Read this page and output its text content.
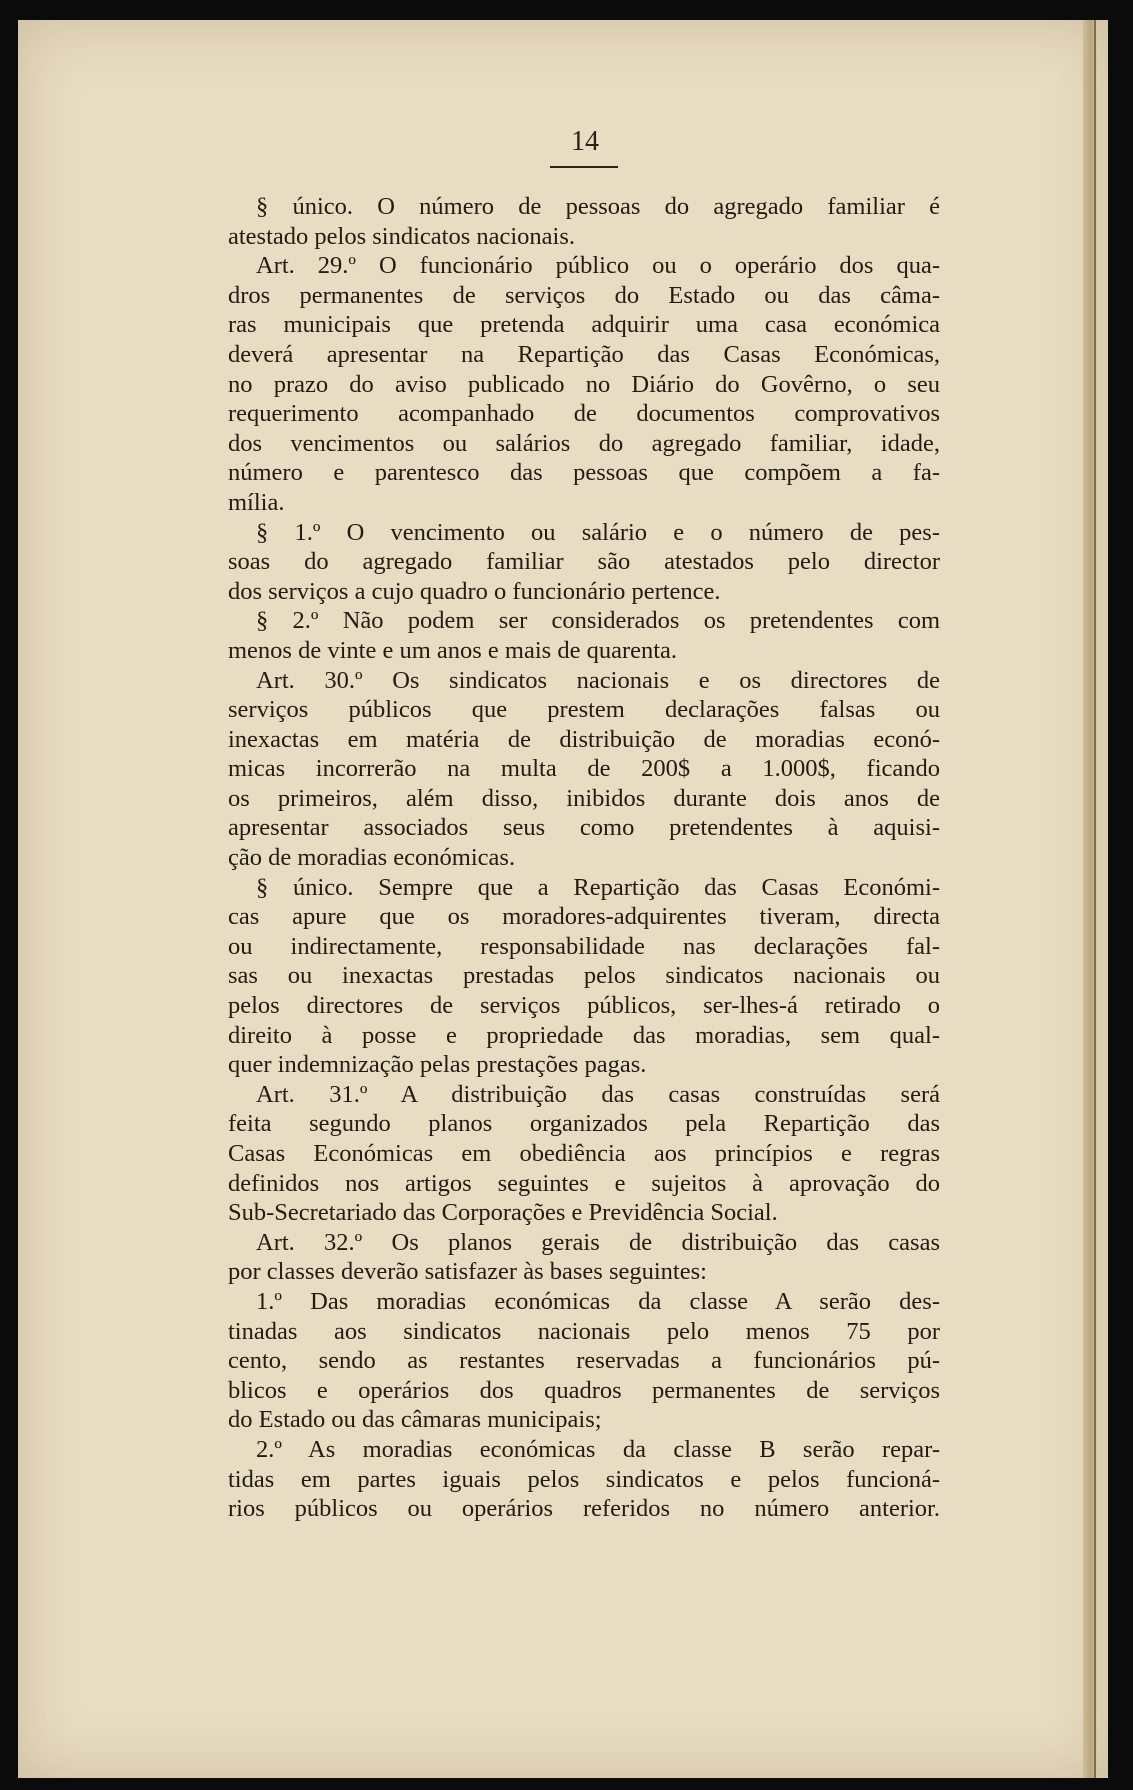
14
§ único. O número de pessoas do agregado familiar é
atestado pelos sindicatos nacionais.
Art. 29.º O funcionário público ou o operário dos qua-
dros permanentes de serviços do Estado ou das câma-
ras municipais que pretenda adquirir uma casa económica
deverá apresentar na Repartição das Casas Económicas,
no prazo do aviso publicado no Diário do Govêrno, o seu
requerimento acompanhado de documentos comprovativos
dos vencimentos ou salários do agregado familiar, idade,
número e parentesco das pessoas que compõem a fa-
mília.
§ 1.º O vencimento ou salário e o número de pes-
soas do agregado familiar são atestados pelo director
dos serviços a cujo quadro o funcionário pertence.
§ 2.º Não podem ser considerados os pretendentes com
menos de vinte e um anos e mais de quarenta.
Art. 30.º Os sindicatos nacionais e os directores de
serviços públicos que prestem declarações falsas ou
inexactas em matéria de distribuição de moradias econó-
micas incorrerão na multa de 200$ a 1.000$, ficando
os primeiros, além disso, inibidos durante dois anos de
apresentar associados seus como pretendentes à aquisi-
ção de moradias económicas.
§ único. Sempre que a Repartição das Casas Económi-
cas apure que os moradores-adquirentes tiveram, directa
ou indirectamente, responsabilidade nas declarações fal-
sas ou inexactas prestadas pelos sindicatos nacionais ou
pelos directores de serviços públicos, ser-lhes-á retirado o
direito à posse e propriedade das moradias, sem qual-
quer indemnização pelas prestações pagas.
Art. 31.º A distribuição das casas construídas será
feita segundo planos organizados pela Repartição das
Casas Económicas em obediência aos princípios e regras
definidos nos artigos seguintes e sujeitos à aprovação do
Sub-Secretariado das Corporações e Previdência Social.
Art. 32.º Os planos gerais de distribuição das casas
por classes deverão satisfazer às bases seguintes:
1.º Das moradias económicas da classe A serão des-
tinadas aos sindicatos nacionais pelo menos 75 por
cento, sendo as restantes reservadas a funcionários pú-
blicos e operários dos quadros permanentes de serviços
do Estado ou das câmaras municipais;
2.º As moradias económicas da classe B serão repar-
tidas em partes iguais pelos sindicatos e pelos funcioná-
rios públicos ou operários referidos no número anterior.
